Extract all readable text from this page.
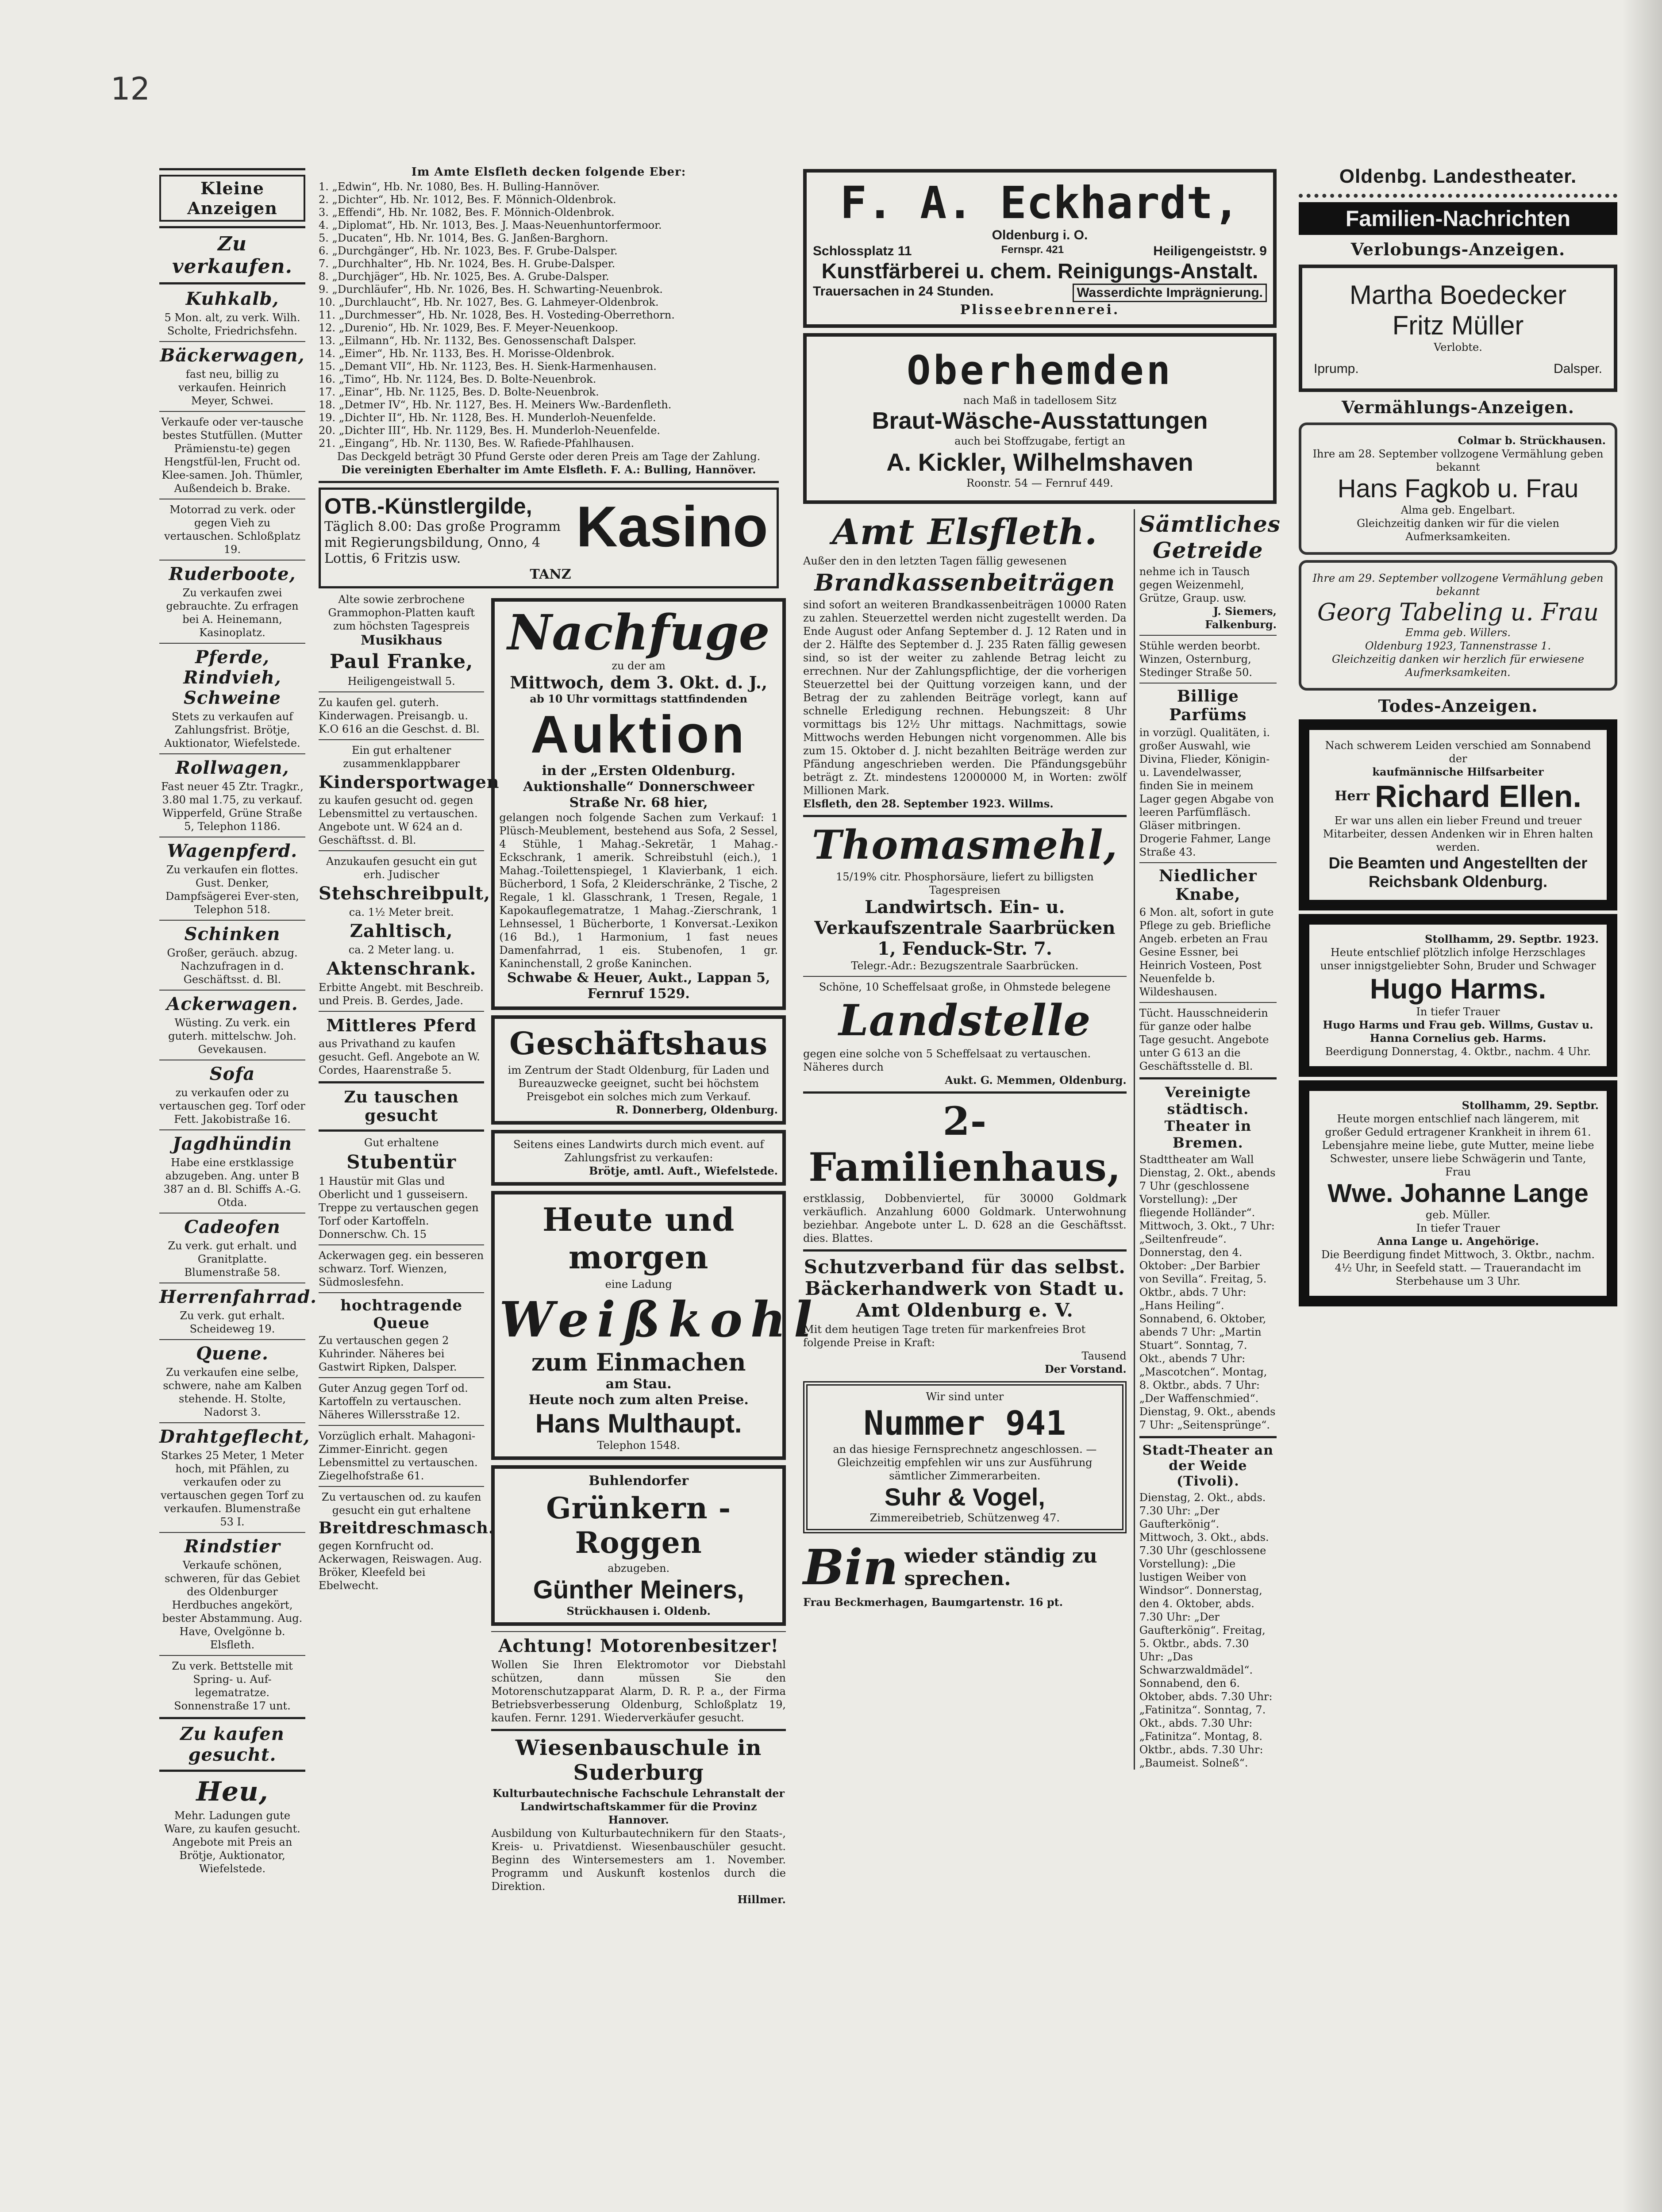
12
Kleine Anzeigen
Zu verkaufen.
Kuhkalb,
5 Mon. alt, zu verk. Wilh. Scholte, Friedrichsfehn.
Bäckerwagen,
fast neu, billig zu verkaufen. Heinrich Meyer, Schwei.
Verkaufe oder ver-tausche bestes Stutfüllen. (Mutter Prämienstu-te) gegen Hengstfül-len, Frucht od. Klee-samen. Joh. Thümler, Außendeich b. Brake.
Motorrad zu verk. oder gegen Vieh zu vertauschen. Schloßplatz 19.
Ruderboote,
Zu verkaufen zwei gebrauchte. Zu erfragen bei A. Heinemann, Kasinoplatz.
Pferde, Rindvieh, Schweine
Stets zu verkaufen auf Zahlungsfrist. Brötje, Auktionator, Wiefelstede.
Rollwagen,
Fast neuer 45 Ztr. Tragkr., 3.80 mal 1.75, zu verkauf. Wipperfeld, Grüne Straße 5, Telephon 1186.
Wagenpferd.
Zu verkaufen ein flottes. Gust. Denker, Dampfsägerei Ever-sten, Telephon 518.
Schinken
Großer, geräuch. abzug. Nachzufragen in d. Geschäftsst. d. Bl.
Ackerwagen.
Wüsting. Zu verk. ein guterh. mittelschw. Joh. Gevekausen.
Sofa
zu verkaufen oder zu vertauschen geg. Torf oder Fett. Jakobistraße 16.
Jagdhündin
Habe eine erstklassige abzugeben. Ang. unter B 387 an d. Bl. Schiffs A.-G. Otda.
Cadeofen
Zu verk. gut erhalt. und Granitplatte. Blumenstraße 58.
Herrenfahrrad.
Zu verk. gut erhalt. Scheideweg 19.
Quene.
Zu verkaufen eine selbe, schwere, nahe am Kalben stehende. H. Stolte, Nadorst 3.
Drahtgeflecht,
Starkes 25 Meter, 1 Meter hoch, mit Pfählen, zu verkaufen oder zu vertauschen gegen Torf zu verkaufen. Blumenstraße 53 I.
Rindstier
Verkaufe schönen, schweren, für das Gebiet des Oldenburger Herdbuches angekört, bester Abstammung. Aug. Have, Ovelgönne b. Elsfleth.
Zu verk. Bettstelle mit Spring- u. Auf-legematratze. Sonnenstraße 17 unt.
Zu kaufen gesucht.
Heu,
Mehr. Ladungen gute Ware, zu kaufen gesucht. Angebote mit Preis an Brötje, Auktionator, Wiefelstede.
Im Amte Elsfleth decken folgende Eber:
1. „Edwin“, Hb. Nr. 1080, Bes. H. Bulling-Hannöver.
2. „Dichter“, Hb. Nr. 1012, Bes. F. Mönnich-Oldenbrok.
3. „Effendi“, Hb. Nr. 1082, Bes. F. Mönnich-Oldenbrok.
4. „Diplomat“, Hb. Nr. 1013, Bes. J. Maas-Neuenhuntorfermoor.
5. „Ducaten“, Hb. Nr. 1014, Bes. G. Janßen-Barghorn.
6. „Durchgänger“, Hb. Nr. 1023, Bes. F. Grube-Dalsper.
7. „Durchhalter“, Hb. Nr. 1024, Bes. H. Grube-Dalsper.
8. „Durchjäger“, Hb. Nr. 1025, Bes. A. Grube-Dalsper.
9. „Durchläufer“, Hb. Nr. 1026, Bes. H. Schwarting-Neuenbrok.
10. „Durchlaucht“, Hb. Nr. 1027, Bes. G. Lahmeyer-Oldenbrok.
11. „Durchmesser“, Hb. Nr. 1028, Bes. H. Vosteding-Oberrethorn.
12. „Durenio“, Hb. Nr. 1029, Bes. F. Meyer-Neuenkoop.
13. „Eilmann“, Hb. Nr. 1132, Bes. Genossenschaft Dalsper.
14. „Eimer“, Hb. Nr. 1133, Bes. H. Morisse-Oldenbrok.
15. „Demant VII“, Hb. Nr. 1123, Bes. H. Sienk-Harmenhausen.
16. „Timo“, Hb. Nr. 1124, Bes. D. Bolte-Neuenbrok.
17. „Einar“, Hb. Nr. 1125, Bes. D. Bolte-Neuenbrok.
18. „Detmer IV“, Hb. Nr. 1127, Bes. H. Meiners Ww.-Bardenfleth.
19. „Dichter II“, Hb. Nr. 1128, Bes. H. Munderloh-Neuenfelde.
20. „Dichter III“, Hb. Nr. 1129, Bes. H. Munderloh-Neuenfelde.
21. „Eingang“, Hb. Nr. 1130, Bes. W. Rafiede-Pfahlhausen.
Das Deckgeld beträgt 30 Pfund Gerste oder deren Preis am Tage der Zahlung.
Die vereinigten Eberhalter im Amte Elsfleth. F. A.: Bulling, Hannöver.
OTB.-Künstlergilde,
Täglich 8.00: Das große Programm mit Regierungsbildung, Onno, 4 Lottis, 6 Fritzis usw.
TANZ
Kasino
Alte sowie zerbrochene Grammophon-Platten kauft zum höchsten Tagespreis
Musikhaus
Paul Franke,
Heiligengeistwall 5.
Zu kaufen gel. guterh. Kinderwagen. Preisangb. u. K.O 616 an die Geschst. d. Bl.
Ein gut erhaltener zusammenklappbarer
Kindersportwagen
zu kaufen gesucht od. gegen Lebensmittel zu vertauschen. Angebote unt. W 624 an d. Geschäftsst. d. Bl.
Anzukaufen gesucht ein gut erh. Judischer
Stehschreibpult,
ca. 1½ Meter breit.
Zahltisch,
ca. 2 Meter lang. u.
Aktenschrank.
Erbitte Angebt. mit Beschreib. und Preis. B. Gerdes, Jade.
Mittleres Pferd
aus Privathand zu kaufen gesucht. Gefl. Angebote an W. Cordes, Haarenstraße 5.
Zu tauschen gesucht
Gut erhaltene
Stubentür
1 Haustür mit Glas und Oberlicht und 1 gusseisern. Treppe zu vertauschen gegen Torf oder Kartoffeln. Donnerschw. Ch. 15
Ackerwagen geg. ein besseren schwarz. Torf. Wienzen, Südmoslesfehn.
hochtragende Queue
Zu vertauschen gegen 2 Kuhrinder. Näheres bei Gastwirt Ripken, Dalsper.
Guter Anzug gegen Torf od. Kartoffeln zu vertauschen. Näheres Willersstraße 12.
Vorzüglich erhalt. Mahagoni-Zimmer-Einricht. gegen Lebensmittel zu vertauschen. Ziegelhofstraße 61.
Zu vertauschen od. zu kaufen gesucht ein gut erhaltene
Breitdreschmasch.
gegen Kornfrucht od. Ackerwagen, Reiswagen. Aug. Bröker, Kleefeld bei Ebelwecht.
Nachfuge
zu der am
Mittwoch, dem 3. Okt. d. J.,
ab 10 Uhr vormittags stattfindenden
Auktion
in der „Ersten Oldenburg. Auktionshalle“ Donnerschweer Straße Nr. 68 hier,
gelangen noch folgende Sachen zum Verkauf: 1 Plüsch-Meublement, bestehend aus Sofa, 2 Sessel, 4 Stühle, 1 Mahag.-Sekretär, 1 Mahag.-Eckschrank, 1 amerik. Schreibstuhl (eich.), 1 Mahag.-Toilettenspiegel, 1 Klavierbank, 1 eich. Bücherbord, 1 Sofa, 2 Kleiderschränke, 2 Tische, 2 Regale, 1 kl. Glasschrank, 1 Tresen, Regale, 1 Kapokauflegematratze, 1 Mahag.-Zierschrank, 1 Lehnsessel, 1 Bücherborte, 1 Konversat.-Lexikon (16 Bd.), 1 Harmonium, 1 fast neues Damenfahrrad, 1 eis. Stubenofen, 1 gr. Kaninchenstall, 2 große Kaninchen.
Schwabe & Heuer, Aukt., Lappan 5, Fernruf 1529.
Geschäftshaus
im Zentrum der Stadt Oldenburg, für Laden und Bureauzwecke geeignet, sucht bei höchstem Preisgebot ein solches mich zum Verkauf.
R. Donnerberg, Oldenburg.
Seitens eines Landwirts durch mich event. auf Zahlungsfrist zu verkaufen:
Brötje, amtl. Auft., Wiefelstede.
Heute und morgen
eine Ladung
Weißkohl
zum Einmachen
am Stau.
Heute noch zum alten Preise.
Hans Multhaupt.
Telephon 1548.
Buhlendorfer
Grünkern - Roggen
abzugeben.
Günther Meiners,
Strückhausen i. Oldenb.
Achtung! Motorenbesitzer!
Wollen Sie Ihren Elektromotor vor Diebstahl schützen, dann müssen Sie den Motorenschutzapparat Alarm, D. R. P. a., der Firma Betriebsverbesserung Oldenburg, Schloßplatz 19, kaufen. Fernr. 1291. Wiederverkäufer gesucht.
Wiesenbauschule in Suderburg
Kulturbautechnische Fachschule Lehranstalt der Landwirtschaftskammer für die Provinz Hannover.
Ausbildung von Kulturbautechnikern für den Staats-, Kreis- u. Privatdienst. Wiesenbauschüler gesucht. Beginn des Wintersemesters am 1. November. Programm und Auskunft kostenlos durch die Direktion.
Hillmer.
F. A. Eckhardt,
Oldenburg i. O.
Schlossplatz 11	Fernspr. 421	Heiligengeiststr. 9
Kunstfärberei u. chem. Reinigungs-Anstalt.
Trauersachen in 24 Stunden.	Wasserdichte Imprägnierung.
Plisseebrennerei.
Oberhemden
nach Maß in tadellosem Sitz
Braut-Wäsche-Ausstattungen
auch bei Stoffzugabe, fertigt an
A. Kickler, Wilhelmshaven
Roonstr. 54 — Fernruf 449.
Amt Elsfleth.
Außer den in den letzten Tagen fällig gewesenen
Brandkassenbeiträgen
sind sofort an weiteren Brandkassenbeiträgen 10000 Raten zu zahlen. Steuerzettel werden nicht zugestellt werden. Da Ende August oder Anfang September d. J. 12 Raten und in der 2. Hälfte des September d. J. 235 Raten fällig gewesen sind, so ist der weiter zu zahlende Betrag leicht zu errechnen. Nur der Zahlungspflichtige, der die vorherigen Steuerzettel bei der Quittung vorzeigen kann, und der Betrag der zu zahlenden Beiträge vorlegt, kann auf schnelle Erledigung rechnen. Hebungszeit: 8 Uhr vormittags bis 12½ Uhr mittags. Nachmittags, sowie Mittwochs werden Hebungen nicht vorgenommen. Alle bis zum 15. Oktober d. J. nicht bezahlten Beiträge werden zur Pfändung angeschrieben werden. Die Pfändungsgebühr beträgt z. Zt. mindestens 12000000 M, in Worten: zwölf Millionen Mark.
Elsfleth, den 28. September 1923. Willms.
Thomasmehl,
15/19% citr. Phosphorsäure, liefert zu billigsten Tagespreisen
Landwirtsch. Ein- u. Verkaufszentrale Saarbrücken 1, Fenduck-Str. 7.
Telegr.-Adr.: Bezugszentrale Saarbrücken.
Schöne, 10 Scheffelsaat große, in Ohmstede belegene
Landstelle
gegen eine solche von 5 Scheffelsaat zu vertauschen. Näheres durch
Aukt. G. Memmen, Oldenburg.
2-Familienhaus,
erstklassig, Dobbenviertel, für 30000 Goldmark verkäuflich. Anzahlung 6000 Goldmark. Unterwohnung beziehbar. Angebote unter L. D. 628 an die Geschäftsst. dies. Blattes.
Schutzverband für das selbst. Bäckerhandwerk von Stadt u. Amt Oldenburg e. V.
Mit dem heutigen Tage treten für markenfreies Brot folgende Preise in Kraft:
Tausend
Der Vorstand.
Wir sind unter
Nummer 941
an das hiesige Fernsprechnetz angeschlossen. — Gleichzeitig empfehlen wir uns zur Ausführung sämtlicher Zimmerarbeiten.
Suhr & Vogel,
Zimmereibetrieb, Schützenweg 47.
Bin wieder ständig zu sprechen.
Frau Beckmerhagen, Baumgartenstr. 16 pt.
Sämtliches Getreide
nehme ich in Tausch gegen Weizenmehl, Grütze, Graup. usw.
J. Siemers, Falkenburg.
Stühle werden beorbt. Winzen, Osternburg, Stedinger Straße 50.
Billige Parfüms
in vorzügl. Qualitäten, i. großer Auswahl, wie Divina, Flieder, Königin-u. Lavendelwasser, finden Sie in meinem Lager gegen Abgabe von leeren Parfümfläsch. Gläser mitbringen. Drogerie Fahmer, Lange Straße 43.
Niedlicher Knabe,
6 Mon. alt, sofort in gute Pflege zu geb. Briefliche Angeb. erbeten an Frau Gesine Essner, bei Heinrich Vosteen, Post Neuenfelde b. Wildeshausen.
Tücht. Hausschneiderin für ganze oder halbe Tage gesucht. Angebote unter G 613 an die Geschäftsstelle d. Bl.
Vereinigte städtisch. Theater in Bremen.
Stadttheater am Wall Dienstag, 2. Okt., abends 7 Uhr (geschlossene Vorstellung): „Der fliegende Holländer“. Mittwoch, 3. Okt., 7 Uhr: „Seiltenfreude“. Donnerstag, den 4. Oktober: „Der Barbier von Sevilla“. Freitag, 5. Oktbr., abds. 7 Uhr: „Hans Heiling“. Sonnabend, 6. Oktober, abends 7 Uhr: „Martin Stuart“. Sonntag, 7. Okt., abends 7 Uhr: „Mascotchen“. Montag, 8. Oktbr., abds. 7 Uhr: „Der Waffenschmied“. Dienstag, 9. Okt., abends 7 Uhr: „Seitensprünge“.
Stadt-Theater an der Weide (Tivoli).
Dienstag, 2. Okt., abds. 7.30 Uhr: „Der Gaufterkönig“. Mittwoch, 3. Okt., abds. 7.30 Uhr (geschlossene Vorstellung): „Die lustigen Weiber von Windsor“. Donnerstag, den 4. Oktober, abds. 7.30 Uhr: „Der Gaufterkönig“. Freitag, 5. Oktbr., abds. 7.30 Uhr: „Das Schwarzwaldmädel“. Sonnabend, den 6. Oktober, abds. 7.30 Uhr: „Fatinitza“. Sonntag, 7. Okt., abds. 7.30 Uhr: „Fatinitza“. Montag, 8. Oktbr., abds. 7.30 Uhr: „Baumeist. Solneß“.
Oldenbg. Landestheater.
Familien-Nachrichten
Verlobungs-Anzeigen.
Martha Boedecker
Fritz Müller
Verlobte.
Iprump.	Dalsper.
Vermählungs-Anzeigen.
Colmar b. Strückhausen.
Ihre am 28. September vollzogene Vermählung geben bekannt
Hans Fagkob u. Frau
Alma geb. Engelbart.
Gleichzeitig danken wir für die vielen Aufmerksamkeiten.
Ihre am 29. September vollzogene Vermählung geben bekannt
Georg Tabeling u. Frau
Emma geb. Willers.
Oldenburg 1923, Tannenstrasse 1.
Gleichzeitig danken wir herzlich für erwiesene Aufmerksamkeiten.
Todes-Anzeigen.
Nach schwerem Leiden verschied am Sonnabend der
kaufmännische Hilfsarbeiter
Herr Richard Ellen.
Er war uns allen ein lieber Freund und treuer Mitarbeiter, dessen Andenken wir in Ehren halten werden.
Die Beamten und Angestellten der Reichsbank Oldenburg.
Stollhamm, 29. Septbr. 1923.
Heute entschlief plötzlich infolge Herzschlages unser innigstgeliebter Sohn, Bruder und Schwager
Hugo Harms.
In tiefer Trauer
Hugo Harms und Frau geb. Willms, Gustav u. Hanna Cornelius geb. Harms.
Beerdigung Donnerstag, 4. Oktbr., nachm. 4 Uhr.
Stollhamm, 29. Septbr.
Heute morgen entschlief nach längerem, mit großer Geduld ertragener Krankheit in ihrem 61. Lebensjahre meine liebe, gute Mutter, meine liebe Schwester, unsere liebe Schwägerin und Tante, Frau
Wwe. Johanne Lange
geb. Müller.
In tiefer Trauer
Anna Lange u. Angehörige.
Die Beerdigung findet Mittwoch, 3. Oktbr., nachm. 4½ Uhr, in Seefeld statt. — Trauerandacht im Sterbehause um 3 Uhr.
